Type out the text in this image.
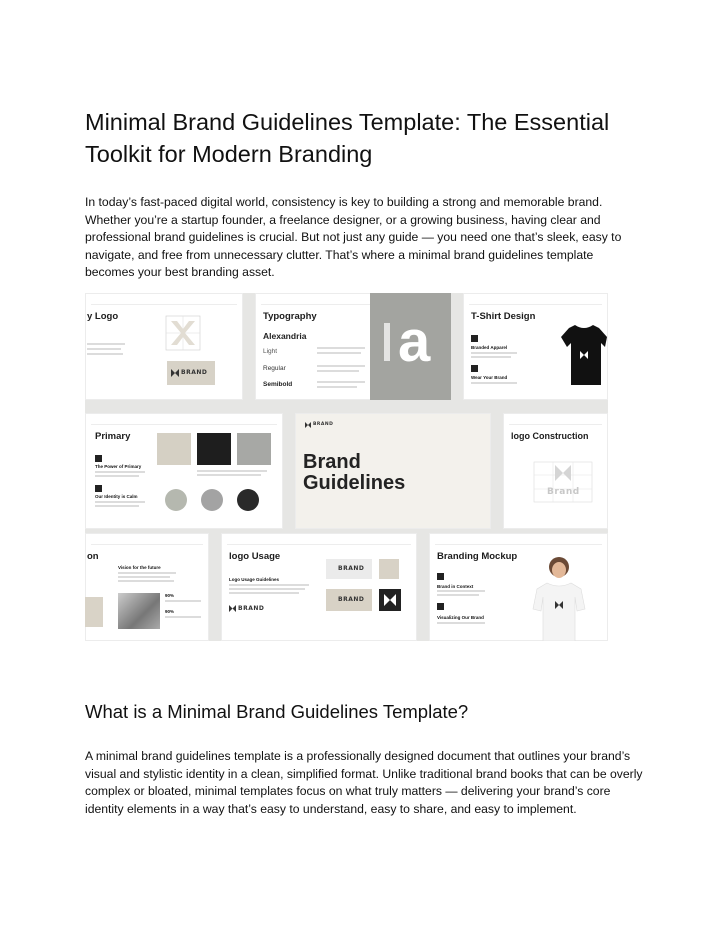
Minimal Brand Guidelines Template: The Essential Toolkit for Modern Branding

In today’s fast-paced digital world, consistency is key to building a strong and memorable brand. Whether you’re a startup founder, a freelance designer, or a growing business, having clear and professional brand guidelines is crucial. But not just any guide — you need one that’s sleek, easy to navigate, and free from unnecessary clutter. That’s where a minimal brand guidelines template becomes your best branding asset.

y Logo
BRAND
Typography
Alexandria
Light
Regular
Semibold
a	T-Shirt Design
Branded Apparel
Wear Your Brand
Primary
The Power of Primary
Our Identity is Calm
BRAND
Brand
Guidelines
logo Construction
Brand
on
Vision for the future
90%
90%
logo Usage
Logo Usage Guidelines
BRAND
BRAND
BRAND
Branding Mockup
Brand in Context
Visualizing Our Brand
What is a Minimal Brand Guidelines Template?

A minimal brand guidelines template is a professionally designed document that outlines your brand’s visual and stylistic identity in a clean, simplified format. Unlike traditional brand books that can be overly complex or bloated, minimal templates focus on what truly matters — delivering your brand’s core identity elements in a way that’s easy to understand, easy to share, and easy to implement.
